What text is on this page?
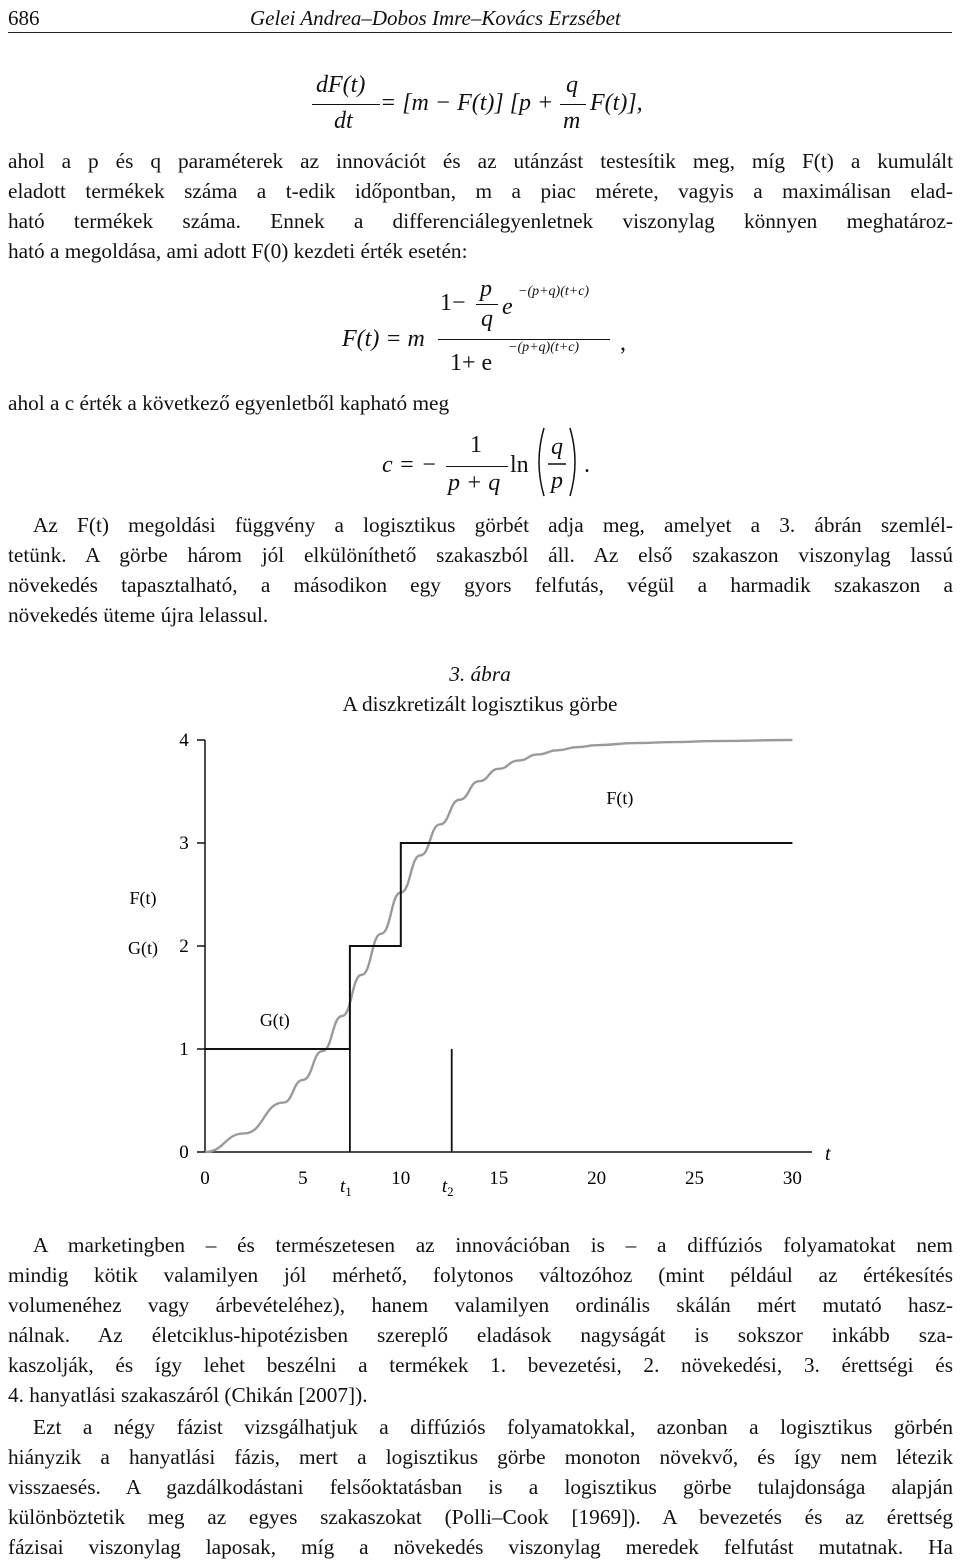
686	Gelei Andrea–Dobos Imre–Kovács Erzsébet
dF(t)
dt
= [m − F(t)] [p +
q
m
F(t)],
ahol a p és q paraméterek az innovációt és az utánzást testesítik meg, míg F(t) a kumulált
eladott termékek száma a t-edik időpontban, m a piac mérete, vagyis a maximálisan elad-
ható termékek száma. Ennek a differenciálegyenletnek viszonylag könnyen meghatároz-
ható a megoldása, ami adott F(0) kezdeti érték esetén:
F(t) = m
1−
p
q e
−(p+q)(t+c)
1+ e
−(p+q)(t+c) ,
ahol a c érték a következő egyenletből kapható meg
c = −
1
p + q
ln
q
p
.
Az F(t) megoldási függvény a logisztikus görbét adja meg, amelyet a 3. ábrán szemlél-
tetünk. A görbe három jól elkülöníthető szakaszból áll. Az első szakaszon viszonylag lassú
növekedés tapasztalható, a másodikon egy gyors felfutás, végül a harmadik szakaszon a
növekedés üteme újra lelassul.
3. ábra
A diszkretizált logisztikus görbe
F(t)
G(t)
0
1
2
3
4
0	5	10	15	20	25	30
$t_1$	$t_2$
t
F(t)
G(t)
A marketingben – és természetesen az innovációban is – a diffúziós folyamatokat nem
mindig kötik valamilyen jól mérhető, folytonos változóhoz (mint például az értékesítés
volumenéhez vagy árbevételéhez), hanem valamilyen ordinális skálán mért mutató hasz-
nálnak. Az életciklus-hipotézisben szereplő eladások nagyságát is sokszor inkább sza-
kaszolják, és így lehet beszélni a termékek 1. bevezetési, 2. növekedési, 3. érettségi és
4. hanyatlási szakaszáról (Chikán [2007]).
Ezt a négy fázist vizsgálhatjuk a diffúziós folyamatokkal, azonban a logisztikus görbén
hiányzik a hanyatlási fázis, mert a logisztikus görbe monoton növekvő, és így nem létezik
visszaesés. A gazdálkodástani felsőoktatásban is a logisztikus görbe tulajdonsága alapján
különböztetik meg az egyes szakaszokat (Polli–Cook [1969]). A bevezetés és az érettség
fázisai viszonylag laposak, míg a növekedés viszonylag meredek felfutást mutatnak. Ha
